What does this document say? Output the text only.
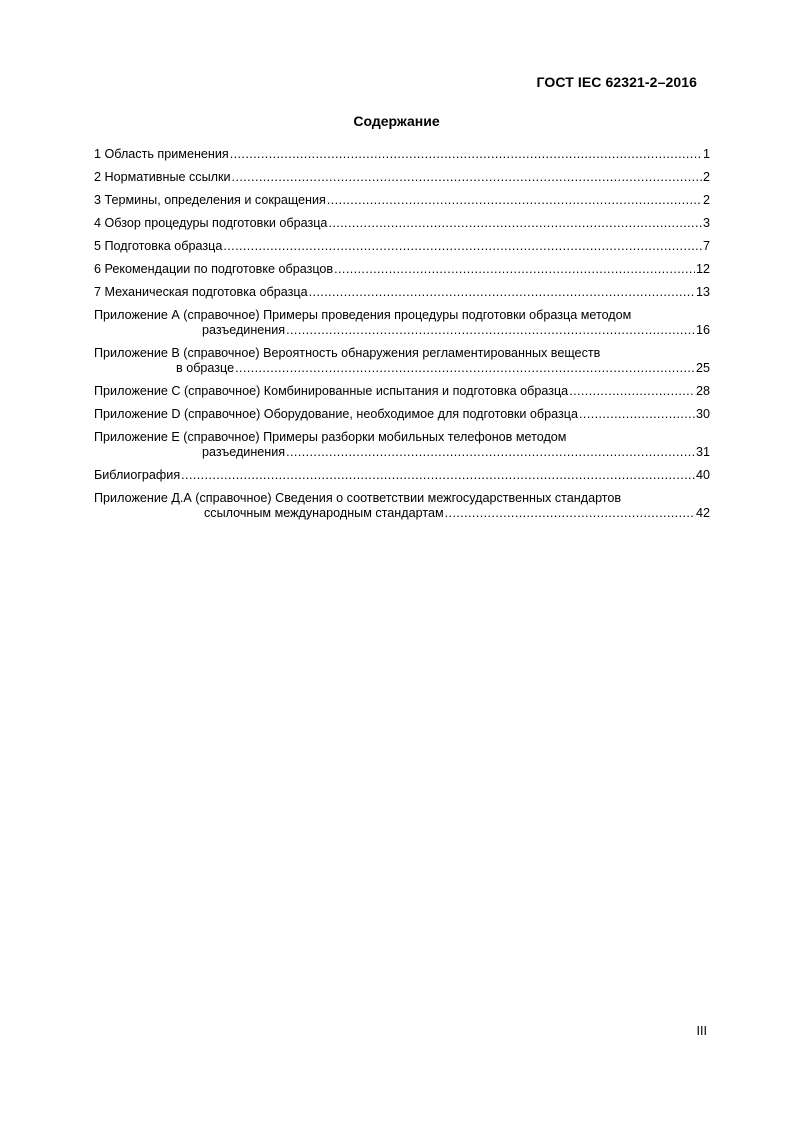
ГОСТ IEC 62321-2–2016
Содержание
1 Область применения .....	1
2 Нормативные ссылки .....	2
3 Термины, определения и сокращения .....	2
4 Обзор процедуры подготовки образца .....	3
5 Подготовка образца .....	7
6 Рекомендации по подготовке образцов .....	12
7 Механическая подготовка образца .....	13
Приложение А (справочное) Примеры проведения процедуры подготовки образца методом
разъединения .....	16
Приложение В (справочное) Вероятность обнаружения регламентированных веществ
в образце .....	25
Приложение С (справочное) Комбинированные испытания и подготовка образца .....	28
Приложение D (справочное) Оборудование, необходимое для подготовки образца .....	30
Приложение Е (справочное) Примеры разборки мобильных телефонов методом
разъединения .....	31
Библиография .....	40
Приложение Д.А (справочное) Сведения о соответствии межгосударственных стандартов
ссылочным международным стандартам .....	42
III
